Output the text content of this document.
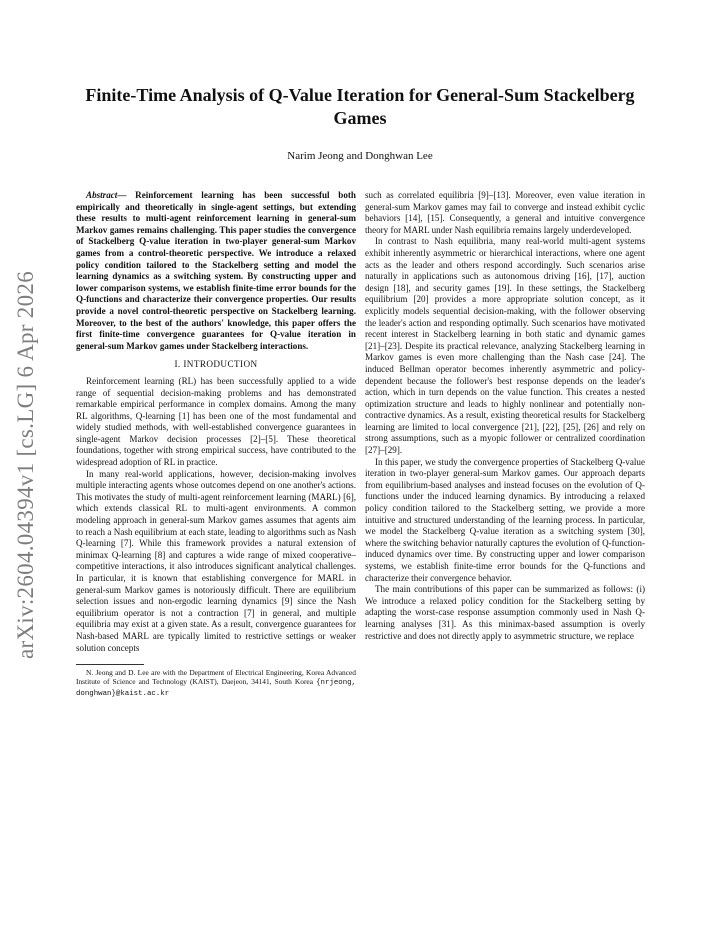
arXiv:2604.04394v1 [cs.LG] 6 Apr 2026
Finite-Time Analysis of Q-Value Iteration for General-Sum Stackelberg Games

Narim Jeong and Donghwan Lee

Abstract— Reinforcement learning has been successful both empirically and theoretically in single-agent settings, but extending these results to multi-agent reinforcement learning in general-sum Markov games remains challenging. This paper studies the convergence of Stackelberg Q-value iteration in two-player general-sum Markov games from a control-theoretic perspective. We introduce a relaxed policy condition tailored to the Stackelberg setting and model the learning dynamics as a switching system. By constructing upper and lower comparison systems, we establish finite-time error bounds for the Q-functions and characterize their convergence properties. Our results provide a novel control-theoretic perspective on Stackelberg learning. Moreover, to the best of the authors' knowledge, this paper offers the first finite-time convergence guarantees for Q-value iteration in general-sum Markov games under Stackelberg interactions.

I. INTRODUCTION

Reinforcement learning (RL) has been successfully applied to a wide range of sequential decision-making problems and has demonstrated remarkable empirical performance in complex domains. Among the many RL algorithms, Q-learning [1] has been one of the most fundamental and widely studied methods, with well-established convergence guarantees in single-agent Markov decision processes [2]–[5]. These theoretical foundations, together with strong empirical success, have contributed to the widespread adoption of RL in practice.

In many real-world applications, however, decision-making involves multiple interacting agents whose outcomes depend on one another's actions. This motivates the study of multi-agent reinforcement learning (MARL) [6], which extends classical RL to multi-agent environments. A common modeling approach in general-sum Markov games assumes that agents aim to reach a Nash equilibrium at each state, leading to algorithms such as Nash Q-learning [7]. While this framework provides a natural extension of minimax Q-learning [8] and captures a wide range of mixed cooperative–competitive interactions, it also introduces significant analytical challenges. In particular, it is known that establishing convergence for MARL in general-sum Markov games is notoriously difficult. There are equilibrium selection issues and non-ergodic learning dynamics [9] since the Nash equilibrium operator is not a contraction [7] in general, and multiple equilibria may exist at a given state. As a result, convergence guarantees for Nash-based MARL are typically limited to restrictive settings or weaker solution concepts

N. Jeong and D. Lee are with the Department of Electrical Engineering, Korea Advanced Institute of Science and Technology (KAIST), Daejeon, 34141, South Korea {nrjeong, donghwan}@kaist.ac.kr

such as correlated equilibria [9]–[13]. Moreover, even value iteration in general-sum Markov games may fail to converge and instead exhibit cyclic behaviors [14], [15]. Consequently, a general and intuitive convergence theory for MARL under Nash equilibria remains largely underdeveloped.

In contrast to Nash equilibria, many real-world multi-agent systems exhibit inherently asymmetric or hierarchical interactions, where one agent acts as the leader and others respond accordingly. Such scenarios arise naturally in applications such as autonomous driving [16], [17], auction design [18], and security games [19]. In these settings, the Stackelberg equilibrium [20] provides a more appropriate solution concept, as it explicitly models sequential decision-making, with the follower observing the leader's action and responding optimally. Such scenarios have motivated recent interest in Stackelberg learning in both static and dynamic games [21]–[23]. Despite its practical relevance, analyzing Stackelberg learning in Markov games is even more challenging than the Nash case [24]. The induced Bellman operator becomes inherently asymmetric and policy-dependent because the follower's best response depends on the leader's action, which in turn depends on the value function. This creates a nested optimization structure and leads to highly nonlinear and potentially non-contractive dynamics. As a result, existing theoretical results for Stackelberg learning are limited to local convergence [21], [22], [25], [26] and rely on strong assumptions, such as a myopic follower or centralized coordination [27]–[29].

In this paper, we study the convergence properties of Stackelberg Q-value iteration in two-player general-sum Markov games. Our approach departs from equilibrium-based analyses and instead focuses on the evolution of Q-functions under the induced learning dynamics. By introducing a relaxed policy condition tailored to the Stackelberg setting, we provide a more intuitive and structured understanding of the learning process. In particular, we model the Stackelberg Q-value iteration as a switching system [30], where the switching behavior naturally captures the evolution of Q-function-induced dynamics over time. By constructing upper and lower comparison systems, we establish finite-time error bounds for the Q-functions and characterize their convergence behavior.

The main contributions of this paper can be summarized as follows: (i) We introduce a relaxed policy condition for the Stackelberg setting by adapting the worst-case response assumption commonly used in Nash Q-learning analyses [31]. As this minimax-based assumption is overly restrictive and does not directly apply to asymmetric structure, we replace
